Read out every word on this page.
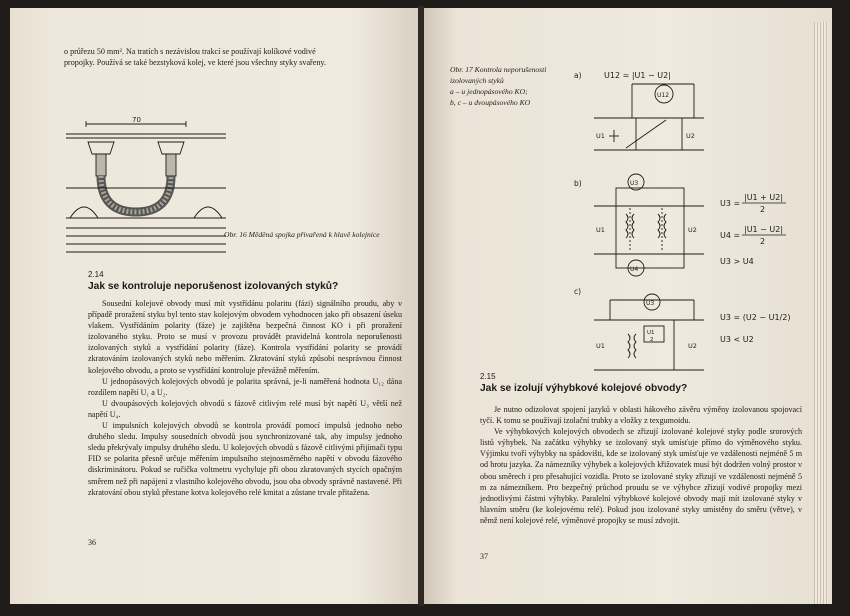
o průřezu 50 mm². Na tratích s nezávislou trakcí se používají kolíkové vodivé
propojky. Používá se také bezstyková kolej, ve které jsou všechny styky svařeny.
70
Obr. 16 Měděná spojka přivařená k hlavě kolejnice
2.14
Jak se kontroluje neporušenost izolovaných styků?
Sousední kolejové obvody musí mít vystřídánu polaritu (fázi) signálního proudu, aby v případě proražení styku byl tento stav kolejovým obvodem vyhodnocen jako při obsazení úseku vlakem. Vystřídáním polarity (fáze) je zajištěna bezpečná činnost KO i při proražení izolovaného styku. Proto se musí v provozu provádět pravidelná kontrola neporušenosti izolovaných styků a vystřídání polarity (fáze). Kontrola vystřídání polarity se provádí zkratováním izolovaných styků nebo měřením. Zkratování styků způsobí nesprávnou činnost kolejového obvodu, a proto se vystřídání kontroluje převážně měřením.
U jednopásových kolejových obvodů je polarita správná, je-li naměřená hodnota U₁₂ dána rozdílem napětí U₁ a U₂.
U dvoupásových kolejových obvodů s fázově citlivým relé musí být napětí U₃ větší než napětí U₄.
U impulsních kolejových obvodů se kontrola provádí pomocí impulsů jednoho nebo druhého sledu. Impulsy sousedních obvodů jsou synchronizované tak, aby impulsy jednoho sledu překrývaly impulsy druhého sledu. U kolejových obvodů s fázově citlivými přijímači typu FID se polarita přesně určuje měřením impulsního stejnosměrného napětí v obvodu fázového diskriminátoru. Pokud se ručička voltmetru vychyluje při obou zkratovaných stycích opačným směrem než při napájení z vlastního kolejového obvodu, jsou oba obvody správně nastavené. Při zkratování obou styků přestane kotva kolejového relé kmitat a zůstane trvale přitažena.
36
Obr. 17 Kontrola neporušenosti
izolovaných styků
a – u jednopásového KO;
b, c – u dvoupásového KO
a)	U12 = |U1 − U2|
U12
U1	U2
b)	U3
U4
U1	U2
U3 =
|U1 + U2|
2
U4 =
|U1 − U2|
2
U3 > U4
c)
U3
U1	U2
U1
2
U3 = (U2 − U1/2)
U3 < U2
2.15
Jak se izolují výhybkové kolejové obvody?
Je nutno odizolovat spojení jazyků v oblasti hákového závěru výměny izolovanou spojovací tyčí. K tomu se používají izolační trubky a vložky z texgumoidu.
Ve výhybkových kolejových obvodech se zřizují izolované kolejové styky podle srorových listů výhybek. Na začátku výhybky se izolovaný styk umísťuje přímo do výměnového styku. Výjimku tvoří výhybky na spádovišti, kde se izolovaný styk umísťuje ve vzdálenosti nejméně 5 m od hrotu jazyka. Za námezníky výhybek a kolejových křižovatek musí být dodržen volný prostor v obou směrech i pro přesahující vozidla. Proto se izolované styky zřizují ve vzdálenosti nejméně 5 m za námezníkem. Pro bezpečný průchod proudu se ve výhybce zřizují vodivé propojky mezi jednotlivými částmi výhybky. Paralelní výhybkové kolejové obvody mají mít izolované styky v hlavním směru (ke kolejovému relé). Pokud jsou izolované styky umístěny do směru (větve), v němž není kolejové relé, výměnové propojky se musí zdvojit.
37
